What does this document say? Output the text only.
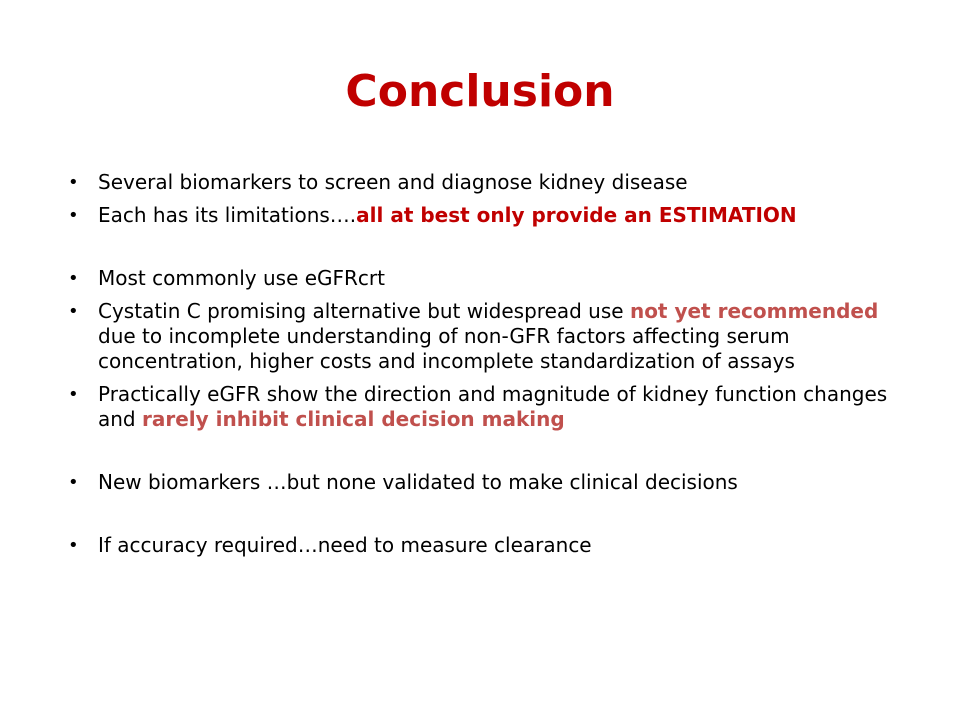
Conclusion
• Several biomarkers to screen and diagnose kidney disease
• Each has its limitations….all at best only provide an ESTIMATION
• Most commonly use eGFRcrt
• Cystatin C promising alternative but widespread use not yet recommended due to incomplete understanding of non-GFR factors affecting serum concentration, higher costs and incomplete standardization of assays
• Practically eGFR show the direction and magnitude of kidney function changes and rarely inhibit clinical decision making
• New biomarkers …but none validated to make clinical decisions
• If accuracy required…need to measure clearance
